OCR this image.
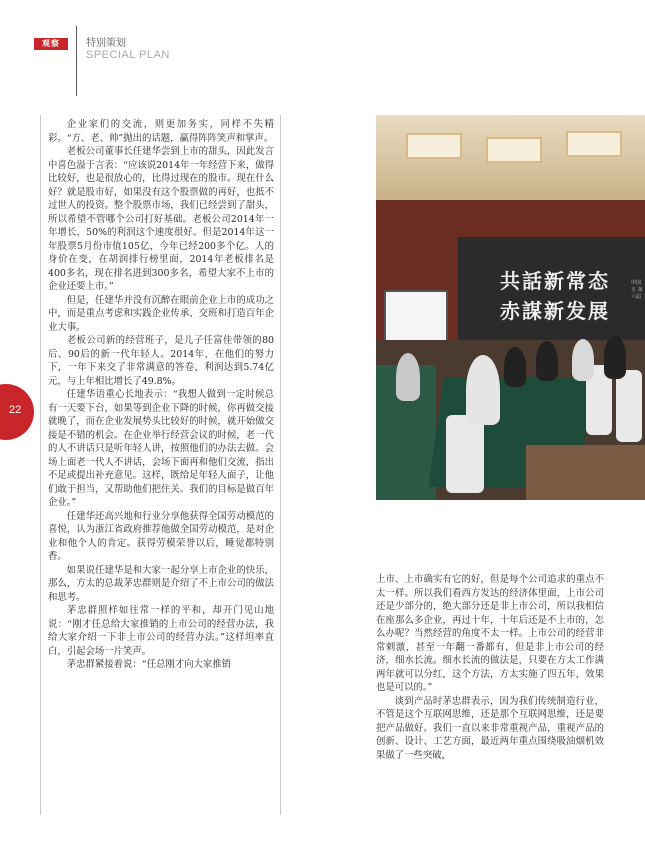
观察	特别策划
SPECIAL PLAN
22

企业家们的交流，则更加务实，同样不失精彩。“方、老、帅”抛出的话题，赢得阵阵笑声和掌声。

老板公司董事长任建华尝到上市的甜头，因此发言中喜色溢于言表：“应该说2014年一年经营下来，做得比较好，也是很放心的，比得过现在的股市。现在什么好？就是股市好，如果没有这个股票做的再好，也抵不过世人的投资。整个股票市场，我们已经尝到了甜头，所以希望不管哪个公司打好基础。老板公司2014年一年增长，50%的利润这个速度很好。但是2014年这一年股票5月份市值105亿，今年已经200多个亿。人的身价在变，在胡润排行榜里面，2014年老板排名是400多名，现在排名进到300多名，希望大家不上市的企业还要上市。”

但是，任建华并没有沉醉在眼前企业上市的成功之中，而是重点考虑和实践企业传承、交班和打造百年企业大事。

老板公司新的经营班子，是儿子任富佳带领的80后、90后的新一代年轻人。2014年，在他们的努力下，一年下来交了非常满意的答卷，利润达到5.74亿元，与上年相比增长了49.8%。

任建华语重心长地表示：“我想人做到一定时候总有一天要下台，如果等到企业下降的时候，你再做交接就晚了，而在企业发展势头比较好的时候，就开始做交接是不错的机会。在企业举行经营会议的时候，老一代的人不讲话只是听年轻人讲，按照他们的办法去做。会场上面老一代人不讲话，会场下面再和他们交流，指出不足或提出补充意见。这样，既给足年轻人面子，让他们敢于担当，又帮助他们把住关。我们的目标是做百年企业。”

任建华还高兴地和行业分享他获得全国劳动模范的喜悦，认为浙江省政府推荐他做全国劳动模范，是对企业和他个人的肯定。获得劳模荣誉以后，睡觉都特别香。

如果说任建华是和大家一起分享上市企业的快乐，那么，方太的总裁茅忠群则是介绍了不上市公司的做法和思考。

茅忠群照样如往常一样的平和，却开门见山地说：“刚才任总给大家推销的上市公司的经营办法，我给大家介绍一下非上市公司的经营办法。”这样坦率直白，引起会场一片笑声。

茅忠群紧接着说：“任总刚才向大家推销

共話新常态
赤謀新发展
中国五 第六届

上市、上市确实有它的好，但是每个公司追求的重点不太一样。所以我们看西方发达的经济体里面，上市公司还是少部分的，绝大部分还是非上市公司，所以我相信在座那么多企业，再过十年，十年后还是不上市的，怎么办呢？当然经营的角度不太一样。上市公司的经营非常刺激，甚至一年翻一番都有，但是非上市公司的经济，细水长流。细水长流的做法是，只要在方太工作满两年就可以分红，这个方法，方太实施了四五年，效果也是可以的。”

谈到产品时茅忠群表示，因为我们传统制造行业，不管是这个互联网思维，还是那个互联网思维，还是要把产品做好。我们一直以来非常重视产品，重视产品的创新、设计、工艺方面，最近两年重点围绕吸油烟机效果做了一些突破，
